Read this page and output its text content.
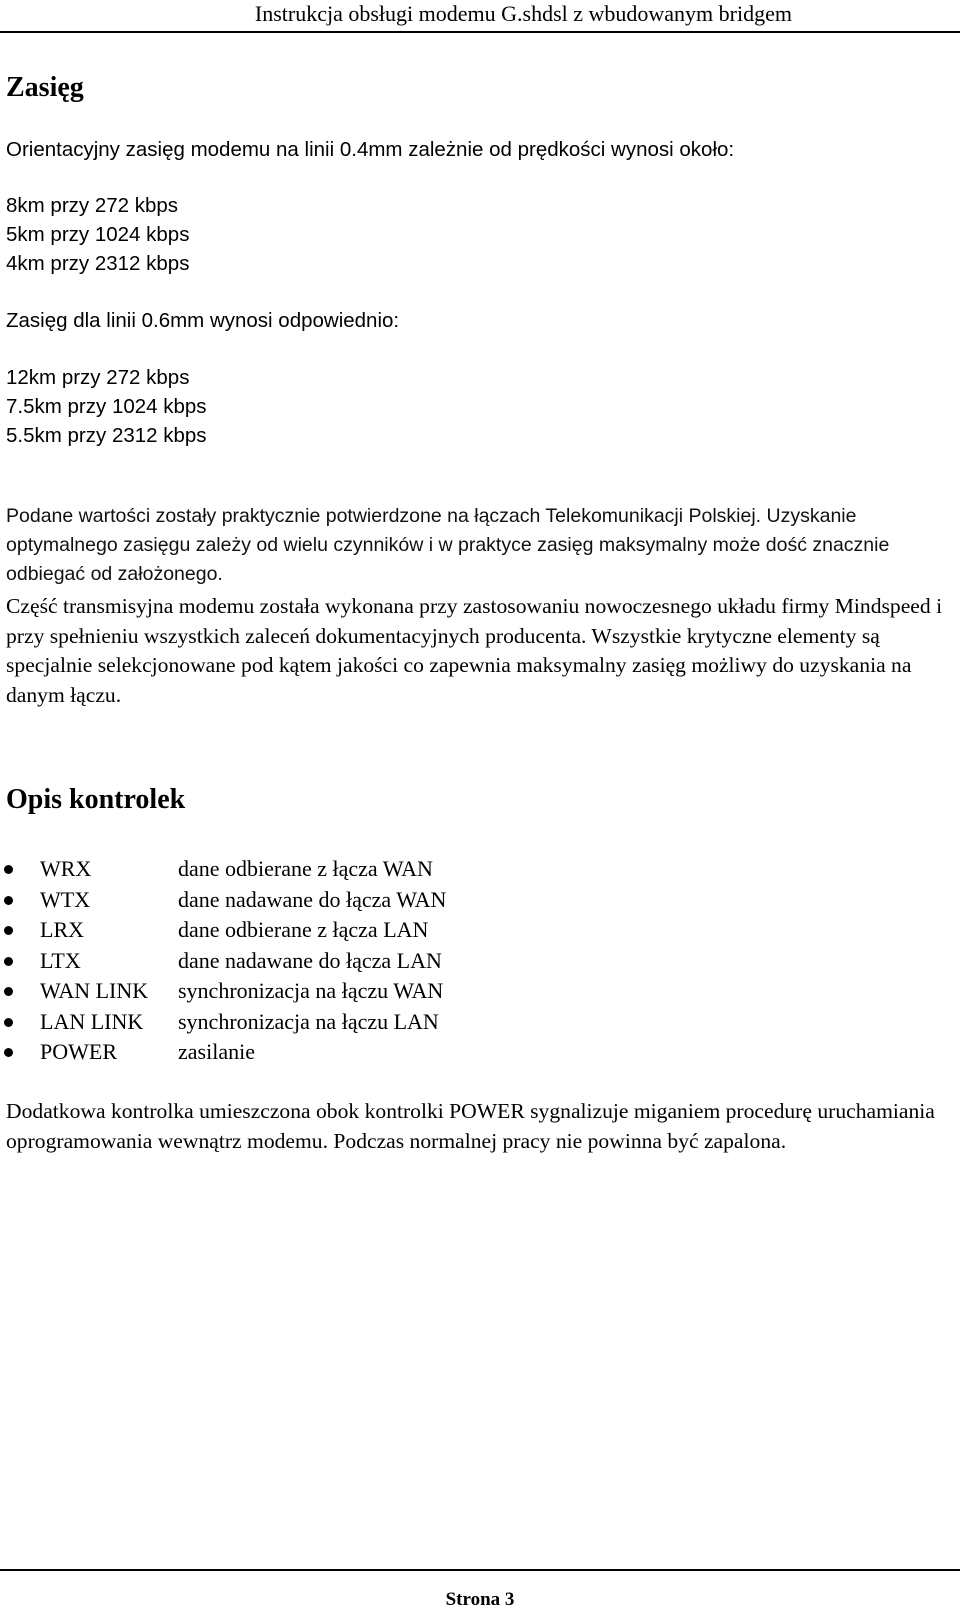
Instrukcja obsługi modemu G.shdsl z wbudowanym bridgem
Zasięg

Orientacyjny zasięg modemu na linii 0.4mm zależnie od prędkości wynosi około:

8km przy 272 kbps

5km przy 1024 kbps

4km przy 2312 kbps

Zasięg dla linii 0.6mm wynosi odpowiednio:

12km przy 272 kbps

7.5km przy 1024 kbps

5.5km przy 2312 kbps

Podane wartości zostały praktycznie potwierdzone na łączach Telekomunikacji Polskiej. Uzyskanie optymalnego zasięgu zależy od wielu czynników i w praktyce zasięg maksymalny może dość znacznie odbiegać od założonego.

Część transmisyjna modemu została wykonana przy zastosowaniu nowoczesnego układu firmy Mindspeed i przy spełnieniu wszystkich zaleceń dokumentacyjnych producenta. Wszystkie krytyczne elementy są specjalnie selekcjonowane pod kątem jakości co zapewnia maksymalny zasięg możliwy do uzyskania na danym łączu.

Opis kontrolek
WRX	dane odbierane z łącza WAN
WTX	dane nadawane do łącza WAN
LRX	dane odbierane z łącza LAN
LTX	dane nadawane do łącza LAN
WAN LINK synchronizacja na łączu WAN
LAN LINK synchronizacja na łączu LAN
POWER	zasilanie

Dodatkowa kontrolka umieszczona obok kontrolki POWER sygnalizuje miganiem procedurę uruchamiania oprogramowania wewnątrz modemu. Podczas normalnej pracy nie powinna być zapalona.

Strona 3
